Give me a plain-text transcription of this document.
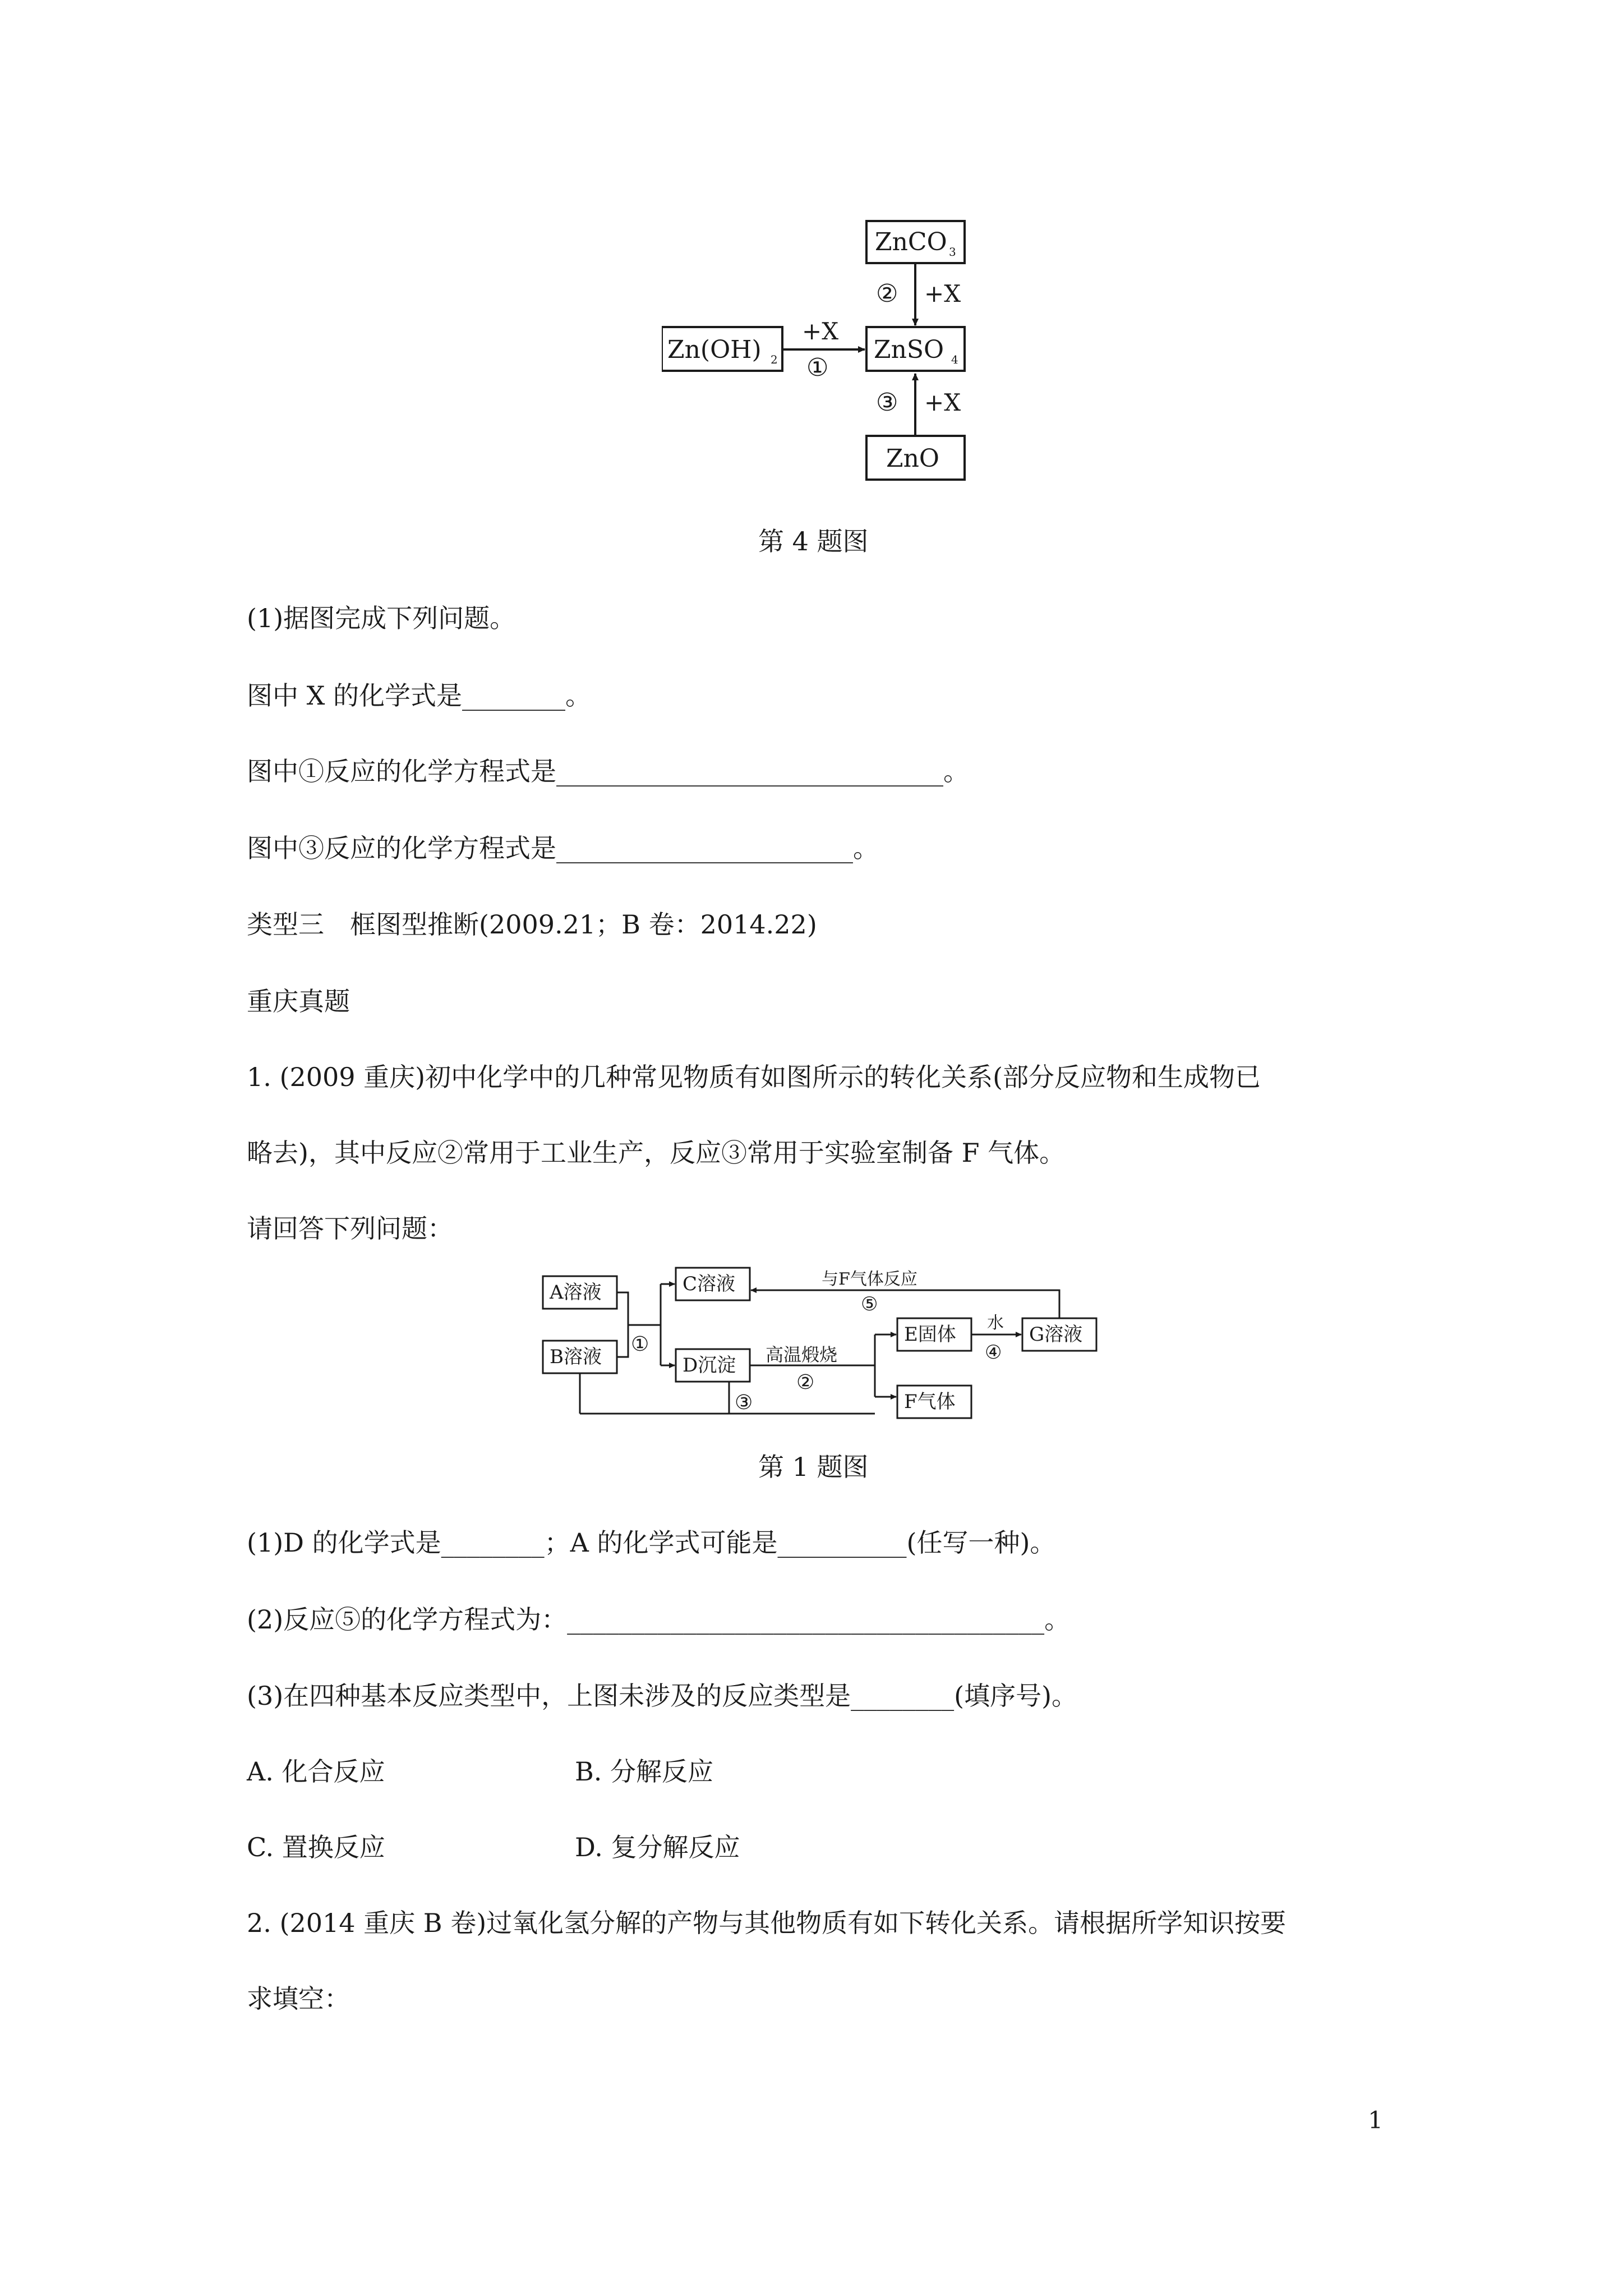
ZnCO 3
② +X
Zn(OH) 2
+X
①
ZnSO 4
③ +X
ZnO
第 4 题图
(1)据图完成下列问题。
图中 X 的化学式是________。
图中①反应的化学方程式是______________________________。
图中③反应的化学方程式是_______________________。
类型三　框图型推断(2009.21；B 卷：2014.22)
重庆真题
1. (2009 重庆)初中化学中的几种常见物质有如图所示的转化关系(部分反应物和生成物已
略去)，其中反应②常用于工业生产，反应③常用于实验室制备 F 气体。
请回答下列问题：
A溶液
B溶液
C溶液
D沉淀
E固体	G溶液
F气体
①	高温煅烧
②
③
水
④
与F气体反应
⑤
第 1 题图
(1)D 的化学式是________；A 的化学式可能是__________(任写一种)。
(2)反应⑤的化学方程式为：_____________________________________。
(3)在四种基本反应类型中，上图未涉及的反应类型是________(填序号)。
A. 化合反应	B. 分解反应
C. 置换反应	D. 复分解反应
2. (2014 重庆 B 卷)过氧化氢分解的产物与其他物质有如下转化关系。请根据所学知识按要
求填空：
1
